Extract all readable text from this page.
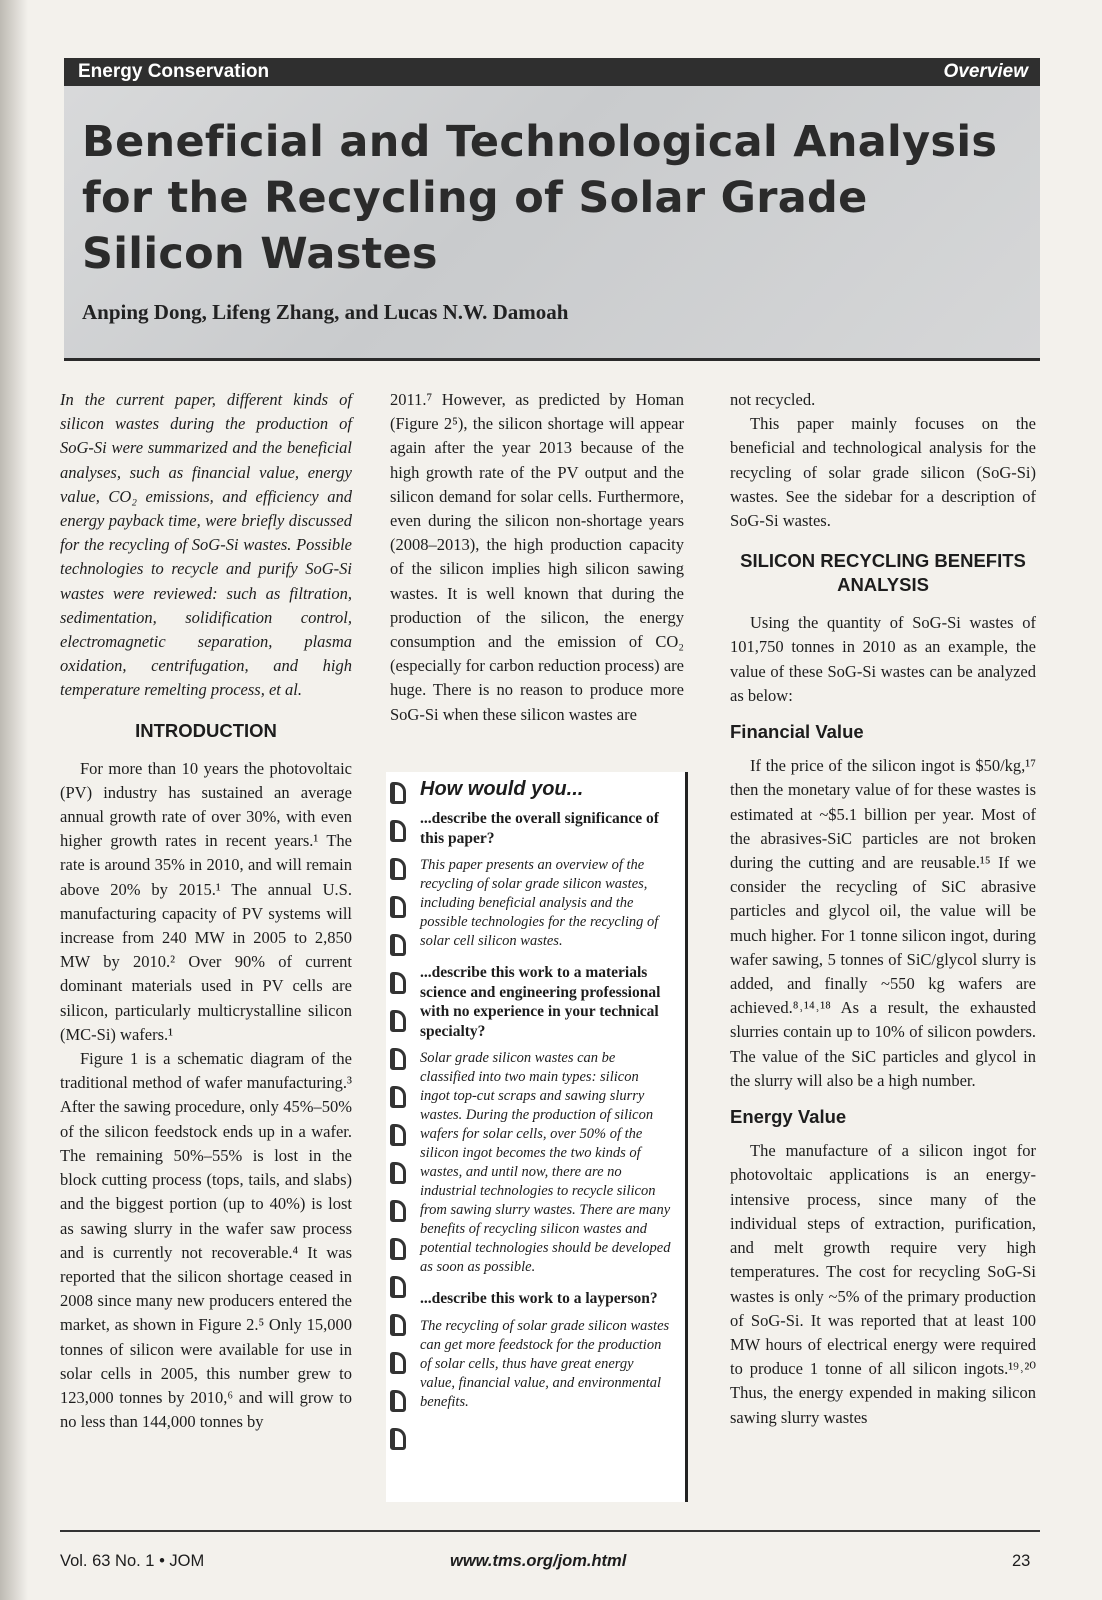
Energy Conservation	Overview
Beneficial and Technological Analysis for the Recycling of Solar Grade Silicon Wastes
Anping Dong, Lifeng Zhang, and Lucas N.W. Damoah

In the current paper, different kinds of silicon wastes during the production of SoG-Si were summarized and the beneficial analyses, such as financial value, energy value, CO₂ emissions, and efficiency and energy payback time, were briefly discussed for the recycling of SoG-Si wastes. Possible technologies to recycle and purify SoG-Si wastes were reviewed: such as filtration, sedimentation, solidification control, electromagnetic separation, plasma oxidation, centrifugation, and high temperature remelting process, et al.

INTRODUCTION

For more than 10 years the photovoltaic (PV) industry has sustained an average annual growth rate of over 30%, with even higher growth rates in recent years.¹ The rate is around 35% in 2010, and will remain above 20% by 2015.¹ The annual U.S. manufacturing capacity of PV systems will increase from 240 MW in 2005 to 2,850 MW by 2010.² Over 90% of current dominant materials used in PV cells are silicon, particularly multicrystalline silicon (MC-Si) wafers.¹

Figure 1 is a schematic diagram of the traditional method of wafer manufacturing.³ After the sawing procedure, only 45%–50% of the silicon feedstock ends up in a wafer. The remaining 50%–55% is lost in the block cutting process (tops, tails, and slabs) and the biggest portion (up to 40%) is lost as sawing slurry in the wafer saw process and is currently not recoverable.⁴ It was reported that the silicon shortage ceased in 2008 since many new producers entered the market, as shown in Figure 2.⁵ Only 15,000 tonnes of silicon were available for use in solar cells in 2005, this number grew to 123,000 tonnes by 2010,⁶ and will grow to no less than 144,000 tonnes by

2011.⁷ However, as predicted by Homan (Figure 2⁵), the silicon shortage will appear again after the year 2013 because of the high growth rate of the PV output and the silicon demand for solar cells. Furthermore, even during the silicon non-shortage years (2008–2013), the high production capacity of the silicon implies high silicon sawing wastes. It is well known that during the production of the silicon, the energy consumption and the emission of CO₂ (especially for carbon reduction process) are huge. There is no reason to produce more SoG-Si when these silicon wastes are

How would you...
...describe the overall significance of this paper?
This paper presents an overview of the recycling of solar grade silicon wastes, including beneficial analysis and the possible technologies for the recycling of solar cell silicon wastes.
...describe this work to a materials science and engineering professional with no experience in your technical specialty?
Solar grade silicon wastes can be classified into two main types: silicon ingot top-cut scraps and sawing slurry wastes. During the production of silicon wafers for solar cells, over 50% of the silicon ingot becomes the two kinds of wastes, and until now, there are no industrial technologies to recycle silicon from sawing slurry wastes. There are many benefits of recycling silicon wastes and potential technologies should be developed as soon as possible.
...describe this work to a layperson?
The recycling of solar grade silicon wastes can get more feedstock for the production of solar cells, thus have great energy value, financial value, and environmental benefits.

not recycled.

This paper mainly focuses on the beneficial and technological analysis for the recycling of solar grade silicon (SoG-Si) wastes. See the sidebar for a description of SoG-Si wastes.

SILICON RECYCLING BENEFITS ANALYSIS

Using the quantity of SoG-Si wastes of 101,750 tonnes in 2010 as an example, the value of these SoG-Si wastes can be analyzed as below:

Financial Value

If the price of the silicon ingot is $50/kg,¹⁷ then the monetary value of for these wastes is estimated at ~$5.1 billion per year. Most of the abrasives-SiC particles are not broken during the cutting and are reusable.¹⁵ If we consider the recycling of SiC abrasive particles and glycol oil, the value will be much higher. For 1 tonne silicon ingot, during wafer sawing, 5 tonnes of SiC/glycol slurry is added, and finally ~550 kg wafers are achieved.⁸˒¹⁴˒¹⁸ As a result, the exhausted slurries contain up to 10% of silicon powders. The value of the SiC particles and glycol in the slurry will also be a high number.

Energy Value

The manufacture of a silicon ingot for photovoltaic applications is an energy-intensive process, since many of the individual steps of extraction, purification, and melt growth require very high temperatures. The cost for recycling SoG-Si wastes is only ~5% of the primary production of SoG-Si. It was reported that at least 100 MW hours of electrical energy were required to produce 1 tonne of all silicon ingots.¹⁹˒²⁰ Thus, the energy expended in making silicon sawing slurry wastes

Vol. 63 No. 1 • JOM	www.tms.org/jom.html	23
